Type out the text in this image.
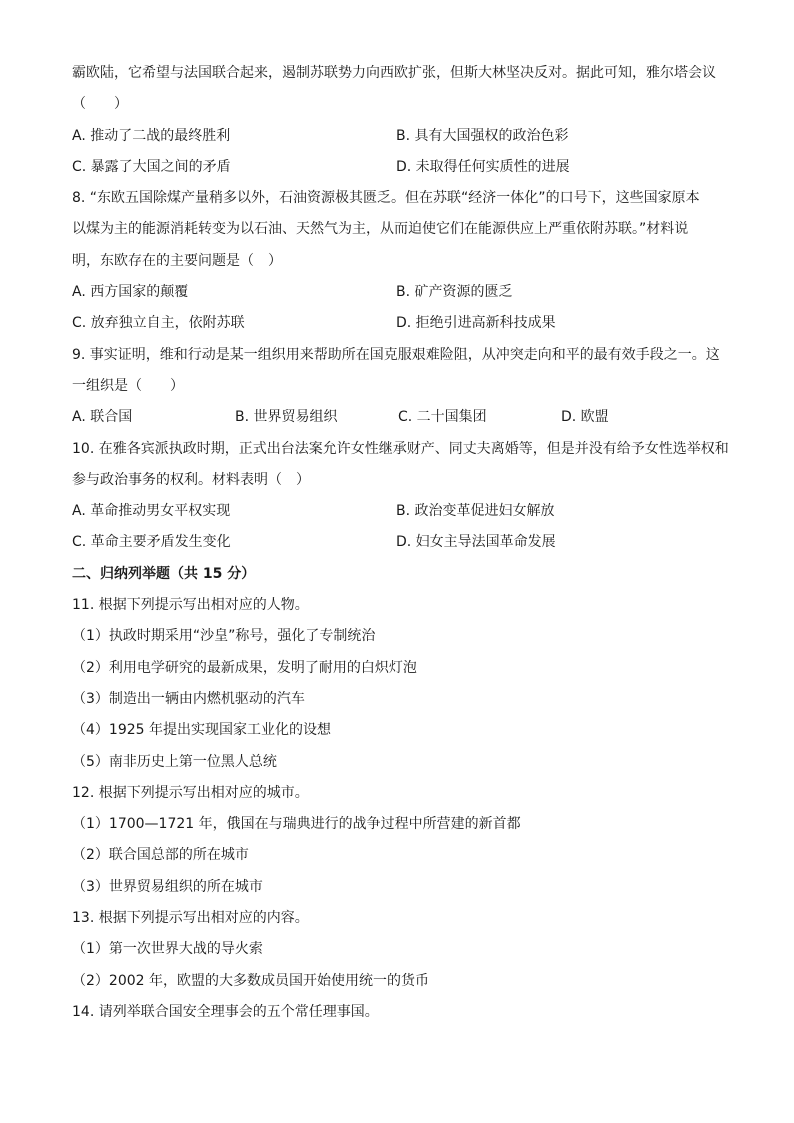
霸欧陆，它希望与法国联合起来，遏制苏联势力向西欧扩张，但斯大林坚决反对。据此可知，雅尔塔会议
（　　）
A. 推动了二战的最终胜利	B. 具有大国强权的政治色彩
C. 暴露了大国之间的矛盾	D. 未取得任何实质性的进展
8. “东欧五国除煤产量稍多以外，石油资源极其匮乏。但在苏联“经济一体化”的口号下，这些国家原本
以煤为主的能源消耗转变为以石油、天然气为主，从而迫使它们在能源供应上严重依附苏联。”材料说
明，东欧存在的主要问题是（　）
A. 西方国家的颠覆	B. 矿产资源的匮乏
C. 放弃独立自主，依附苏联	D. 拒绝引进高新科技成果
9. 事实证明，维和行动是某一组织用来帮助所在国克服艰难险阻，从冲突走向和平的最有效手段之一。这
一组织是（　　）
A. 联合国	B. 世界贸易组织	C. 二十国集团	D. 欧盟
10. 在雅各宾派执政时期，正式出台法案允许女性继承财产、同丈夫离婚等，但是并没有给予女性选举权和
参与政治事务的权利。材料表明（　）
A. 革命推动男女平权实现	B. 政治变革促进妇女解放
C. 革命主要矛盾发生变化	D. 妇女主导法国革命发展
二、归纳列举题（共 15 分）
11. 根据下列提示写出相对应的人物。
（1）执政时期采用“沙皇”称号，强化了专制统治
（2）利用电学研究的最新成果，发明了耐用的白炽灯泡
（3）制造出一辆由内燃机驱动的汽车
（4）1925 年提出实现国家工业化的设想
（5）南非历史上第一位黑人总统
12. 根据下列提示写出相对应的城市。
（1）1700—1721 年，俄国在与瑞典进行的战争过程中所营建的新首都
（2）联合国总部的所在城市
（3）世界贸易组织的所在城市
13. 根据下列提示写出相对应的内容。
（1）第一次世界大战的导火索
（2）2002 年，欧盟的大多数成员国开始使用统一的货币
14. 请列举联合国安全理事会的五个常任理事国。
